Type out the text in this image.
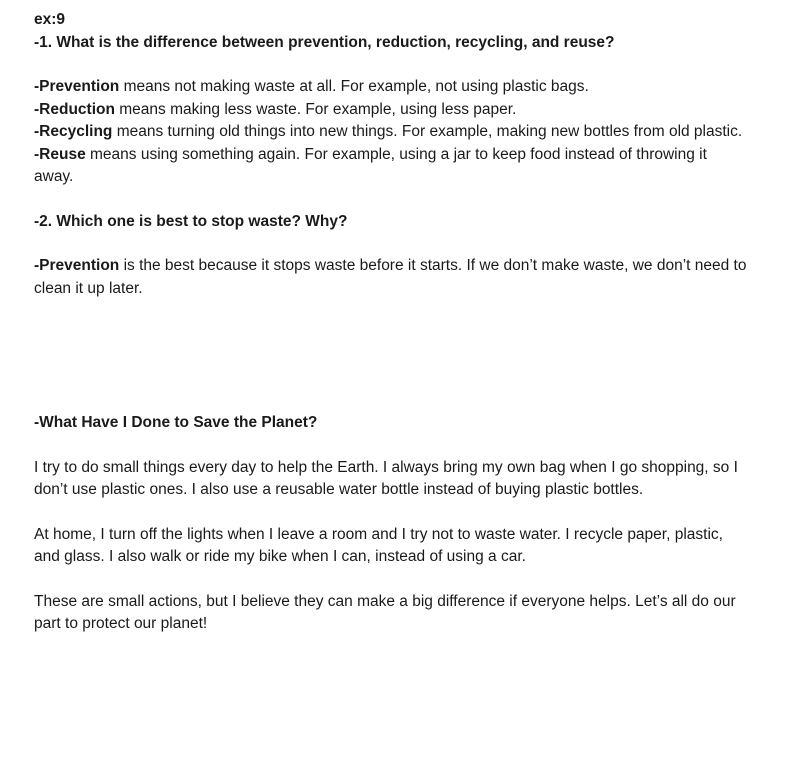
ex:9

-1. What is the difference between prevention, reduction, recycling, and reuse?

-Prevention means not making waste at all. For example, not using plastic bags.

-Reduction means making less waste. For example, using less paper.

-Recycling means turning old things into new things. For example, making new bottles from old plastic.

-Reuse means using something again. For example, using a jar to keep food instead of throwing it away.

-2. Which one is best to stop waste? Why?

-Prevention is the best because it stops waste before it starts. If we don’t make waste, we don’t need to clean it up later.

-What Have I Done to Save the Planet?

I try to do small things every day to help the Earth. I always bring my own bag when I go shopping, so I don’t use plastic ones. I also use a reusable water bottle instead of buying plastic bottles.

At home, I turn off the lights when I leave a room and I try not to waste water. I recycle paper, plastic, and glass. I also walk or ride my bike when I can, instead of using a car.

These are small actions, but I believe they can make a big difference if everyone helps. Let’s all do our part to protect our planet!
